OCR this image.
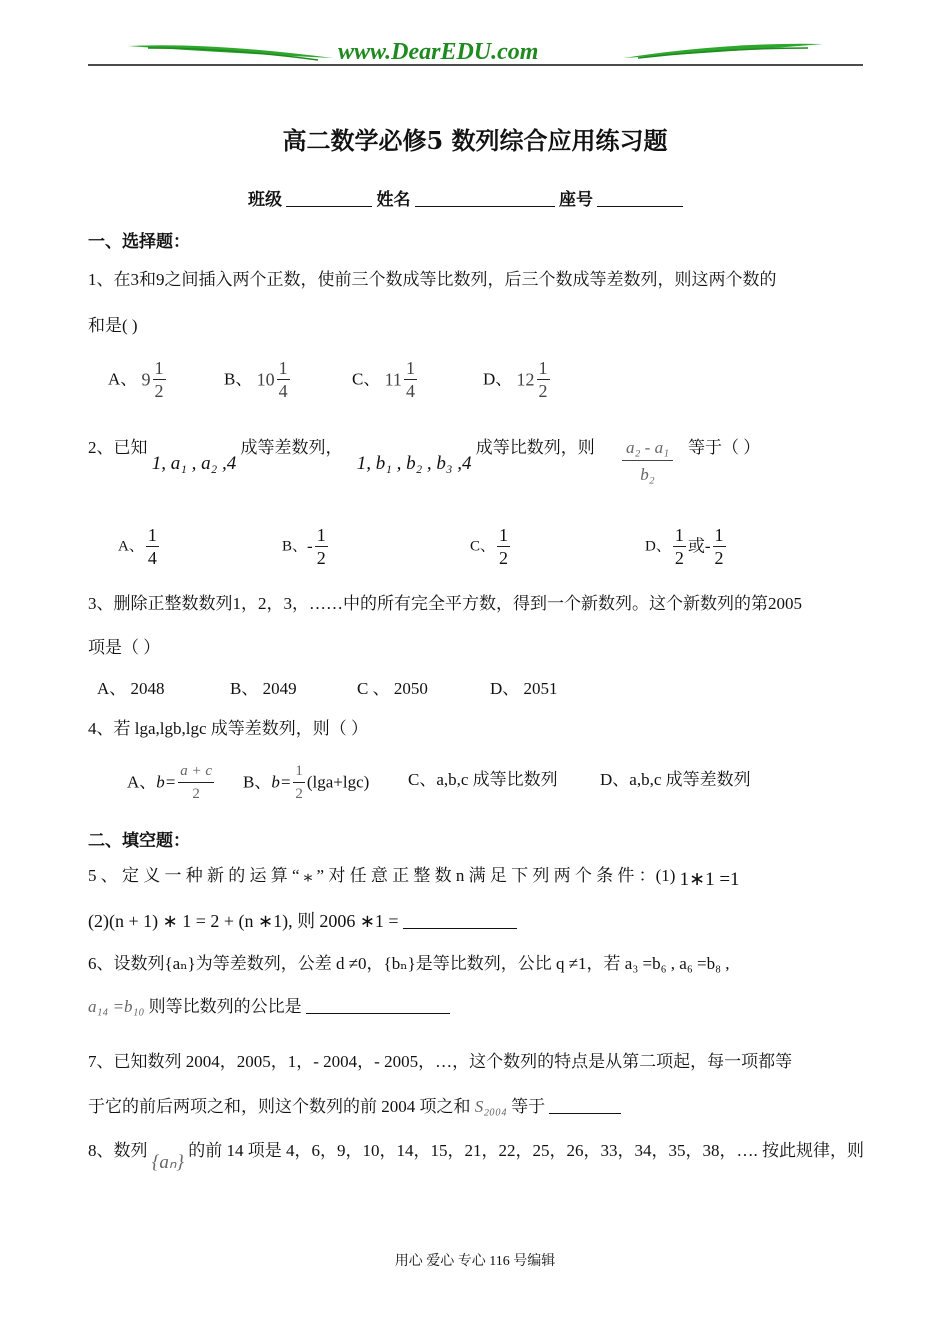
www.DearEDU.com
高二数学必修5 数列综合应用练习题
班级	姓名	座号
一、选择题：
1、在3和9之间插入两个正数，使前三个数成等比数列，后三个数成等差数列，则这两个数的
和是( )
A、 $9 \frac{1}{2}$	B、 $10 \frac{1}{4}$	C、 $11 \frac{1}{4}$	D、 $12 \frac{1}{2}$
2、已知 1, a₁ , a₂ ,4 成等差数列， 1, b₁ , b₂ , b₃ ,4 成等比数列，则 a₂ - a₁
b₂
等于（ ）
A、 $\frac{1}{4}$	B、- $\frac{1}{2}$	C、 $\frac{1}{2}$	D、 $\frac{1}{2}$ 或- $\frac{1}{2}$
3、删除正整数数列1，2，3，……中的所有完全平方数，得到一个新数列。这个新数列的第2005
项是（ ）
A、 2048	B、 2049	C 、 2050	D、 2051
4、若 lga,lgb,lgc 成等差数列，则（ ）
A、$b= \frac{a + c}{2}$ B、$b= \frac{1}{2} (\lg a+\lg c)$ C、a,b,c 成等比数列 D、a,b,c 成等差数列
二、填空题：
5 、 定 义 一 种 新 的 运 算 “ ⁎ ” 对 任 意 正 整 数 n 满 足 下 列 两 个 条 件 ：(1) 1∗1 =1
(2)(n + 1) ∗ 1 = 2 + (n ∗1), 则 2006 ∗1 =
6、设数列{aₙ}为等差数列，公差 d ≠0，{bₙ}是等比数列，公比 q ≠1，若 a₃ =b₆ , a₆ =b₈ ,
a₁₄ =b₁₀ 则等比数列的公比是
7、已知数列 2004，2005，1，- 2004，- 2005，…，这个数列的特点是从第二项起，每一项都等
于它的前后两项之和，则这个数列的前 2004 项之和 S₂₀₀₄ 等于
8、数列 {aₙ} 的前 14 项是 4，6，9，10，14，15，21，22，25，26，33，34，35，38，…. 按此规律，则
用心 爱心 专心 116 号编辑
